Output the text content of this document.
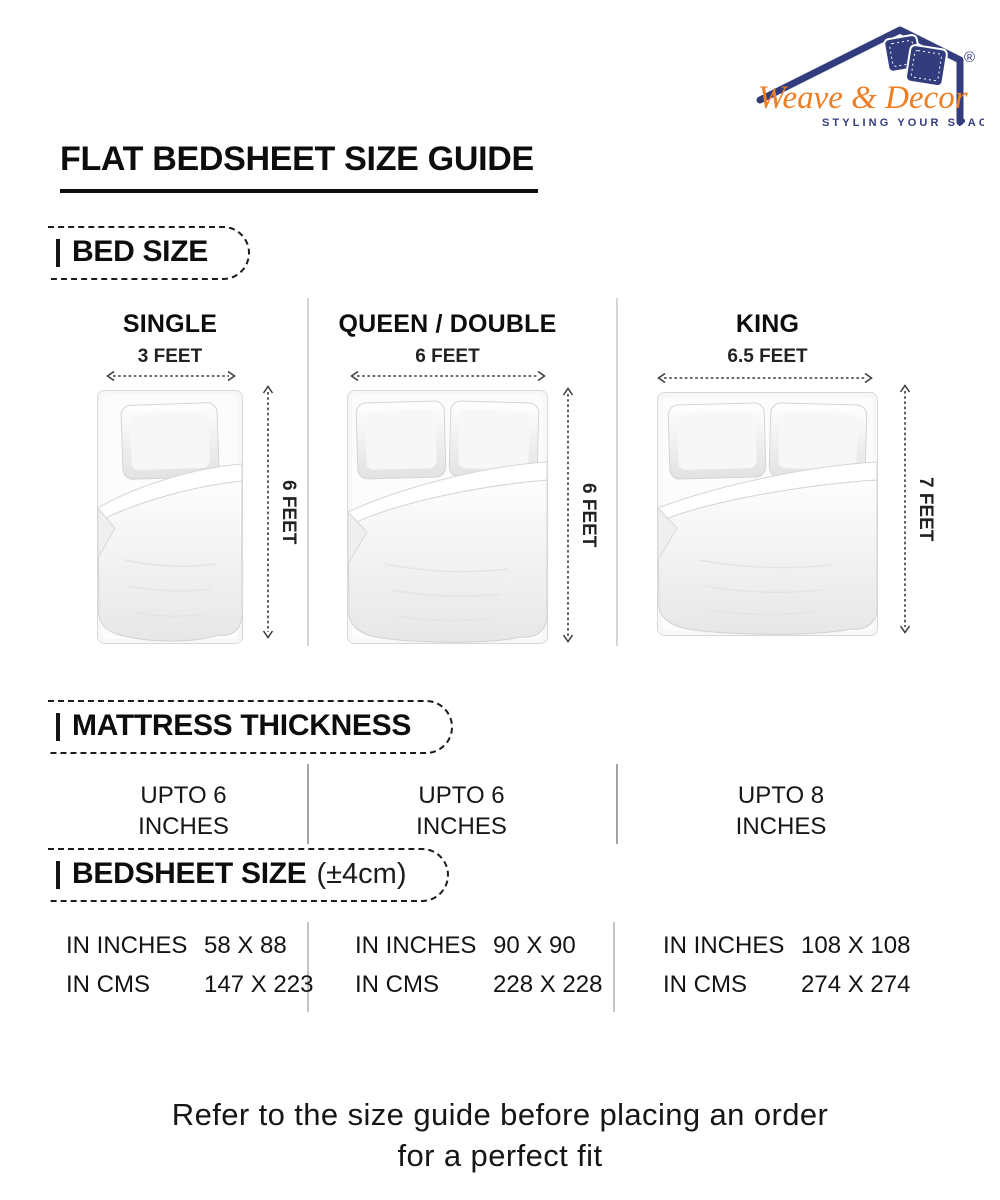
®
Weave & Decor
STYLING YOUR SPACE
FLAT BEDSHEET SIZE GUIDE
BED SIZE
SINGLE
3 FEET
6 FEET
QUEEN / DOUBLE
6 FEET
6 FEET
KING
6.5 FEET
7 FEET
MATTRESS THICKNESS
UPTO 6
INCHES
UPTO 6
INCHES
UPTO 8
INCHES
BEDSHEET SIZE (±4cm)
IN INCHES 58 X 88
IN CMS	147 X 223
IN INCHES 90 X 90
IN CMS	228 X 228
IN INCHES 108 X 108
IN CMS	274 X 274
Refer to the size guide before placing an order
for a perfect fit
